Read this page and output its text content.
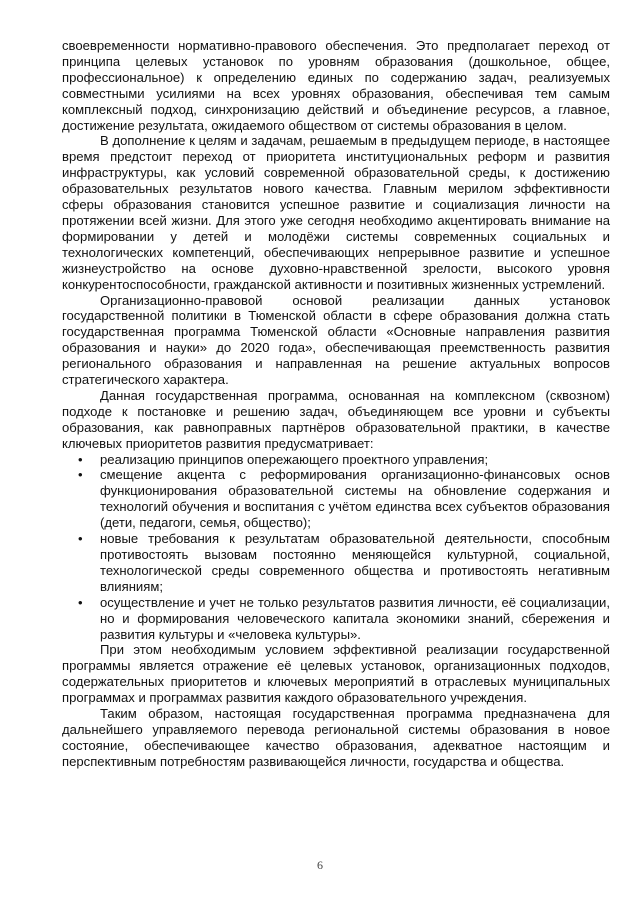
своевременности нормативно-правового обеспечения. Это предполагает переход от принципа целевых установок по уровням образования (дошкольное, общее, профессиональное) к определению единых по содержанию задач, реализуемых совместными усилиями на всех уровнях образования, обеспечивая тем самым комплексный подход, синхронизацию действий и объединение ресурсов, а главное, достижение результата, ожидаемого обществом от системы образования в целом.

В дополнение к целям и задачам, решаемым в предыдущем периоде, в настоящее время предстоит переход от приоритета институциональных реформ и развития инфраструктуры, как условий современной образовательной среды, к достижению образовательных результатов нового качества. Главным мерилом эффективности сферы образования становится успешное развитие и социализация личности на протяжении всей жизни. Для этого уже сегодня необходимо акцентировать внимание на формировании у детей и молодёжи системы современных социальных и технологических компетенций, обеспечивающих непрерывное развитие и успешное жизнеустройство на основе духовно-нравственной зрелости, высокого уровня конкурентоспособности, гражданской активности и позитивных жизненных устремлений.

Организационно-правовой основой реализации данных установок государственной политики в Тюменской области в сфере образования должна стать государственная программа Тюменской области «Основные направления развития образования и науки» до 2020 года», обеспечивающая преемственность развития регионального образования и направленная на решение актуальных вопросов стратегического характера.

Данная государственная программа, основанная на комплексном (сквозном) подходе к постановке и решению задач, объединяющем все уровни и субъекты образования, как равноправных партнёров образовательной практики, в качестве ключевых приоритетов развития предусматривает:

• реализацию принципов опережающего проектного управления;
• смещение акцента с реформирования организационно-финансовых основ функционирования образовательной системы на обновление содержания и технологий обучения и воспитания с учётом единства всех субъектов образования (дети, педагоги, семья, общество);
• новые требования к результатам образовательной деятельности, способным противостоять вызовам постоянно меняющейся культурной, социальной, технологической среды современного общества и противостоять негативным влияниям;
• осуществление и учет не только результатов развития личности, её социализации, но и формирования человеческого капитала экономики знаний, сбережения и развития культуры и «человека культуры».

При этом необходимым условием эффективной реализации государственной программы является отражение её целевых установок, организационных подходов, содержательных приоритетов и ключевых мероприятий в отраслевых муниципальных программах и программах развития каждого образовательного учреждения.

Таким образом, настоящая государственная программа предназначена для дальнейшего управляемого перевода региональной системы образования в новое состояние, обеспечивающее качество образования, адекватное настоящим и перспективным потребностям развивающейся личности, государства и общества.

6
